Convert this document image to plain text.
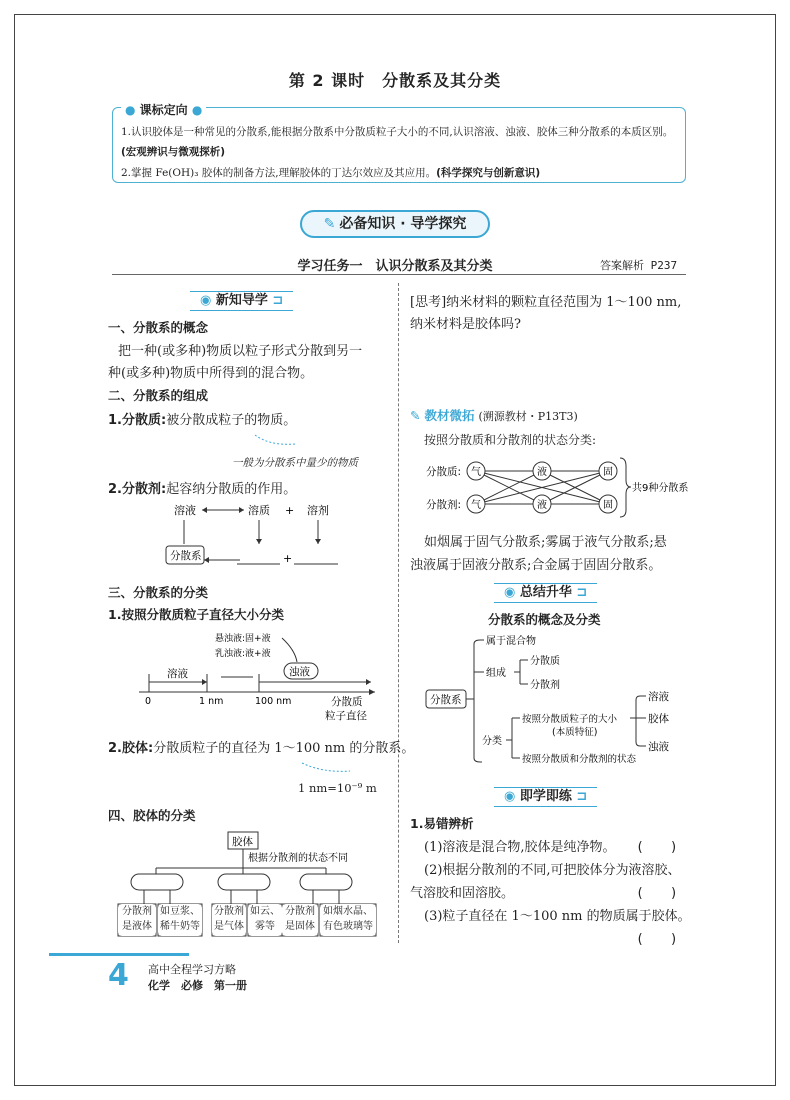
第 2 课时　分散系及其分类
● 课标定向 ●
1.认识胶体是一种常见的分散系,能根据分散系中分散质粒子大小的不同,认识溶液、浊液、胶体三种分散系的本质区别。(宏观辨识与微观探析)
2.掌握 Fe(OH)₃ 胶体的制备方法,理解胶体的丁达尔效应及其应用。(科学探究与创新意识)
✎ 必备知识 · 导学探究
学习任务一　认识分散系及其分类	答案解析 P237
◉ 新知导学 ⊐
一、分散系的概念
把一种(或多种)物质以粒子形式分散到另一
种(或多种)物质中所得到的混合物。
二、分散系的组成
1.分散质:被分散成粒子的物质。
一般为分散系中量少的物质
2.分散剂:起容纳分散质的作用。
溶液	溶质 + 溶剂
分散系	+
三、分散系的分类
1.按照分散质粒子直径大小分类
悬浊液:固+液
乳浊液:液+液
浊液
溶液
0	1 nm	100 nm	分散质
粒子直径
2.胶体:分散质粒子的直径为 1～100 nm 的分散系。
1 nm=10⁻⁹ m
四、胶体的分类
胶体
根据分散剂的状态不同
分散剂是液体
如豆浆、稀牛奶等
分散剂是气体
如云、雾等
分散剂是固体
如烟水晶、有色玻璃等
[思考]纳米材料的颗粒直径范围为 1～100 nm,
纳米材料是胶体吗?
✎ 教材微拓 (溯源教材・P13T3)
按照分散质和分散剂的状态分类:
分散质:
分散剂:
气	液	固
气	液	固
共9种分散系
如烟属于固气分散系;雾属于液气分散系;悬
浊液属于固液分散系;合金属于固固分散系。
◉ 总结升华 ⊐
分散系的概念及分类
分散系
属于混合物
组成
分散质
分散剂
分类
按照分散质粒子的大小
(本质特征)
按照分散质和分散剂的状态
溶液
胶体
浊液
◉ 即学即练 ⊐
1.易错辨析
(1)溶液是混合物,胶体是纯净物。 (　　)
(2)根据分散剂的不同,可把胶体分为液溶胶、
气溶胶和固溶胶。	(　　)
(3)粒子直径在 1～100 nm 的物质属于胶体。
(　　)
4 高中全程学习方略
化学　必修　第一册
